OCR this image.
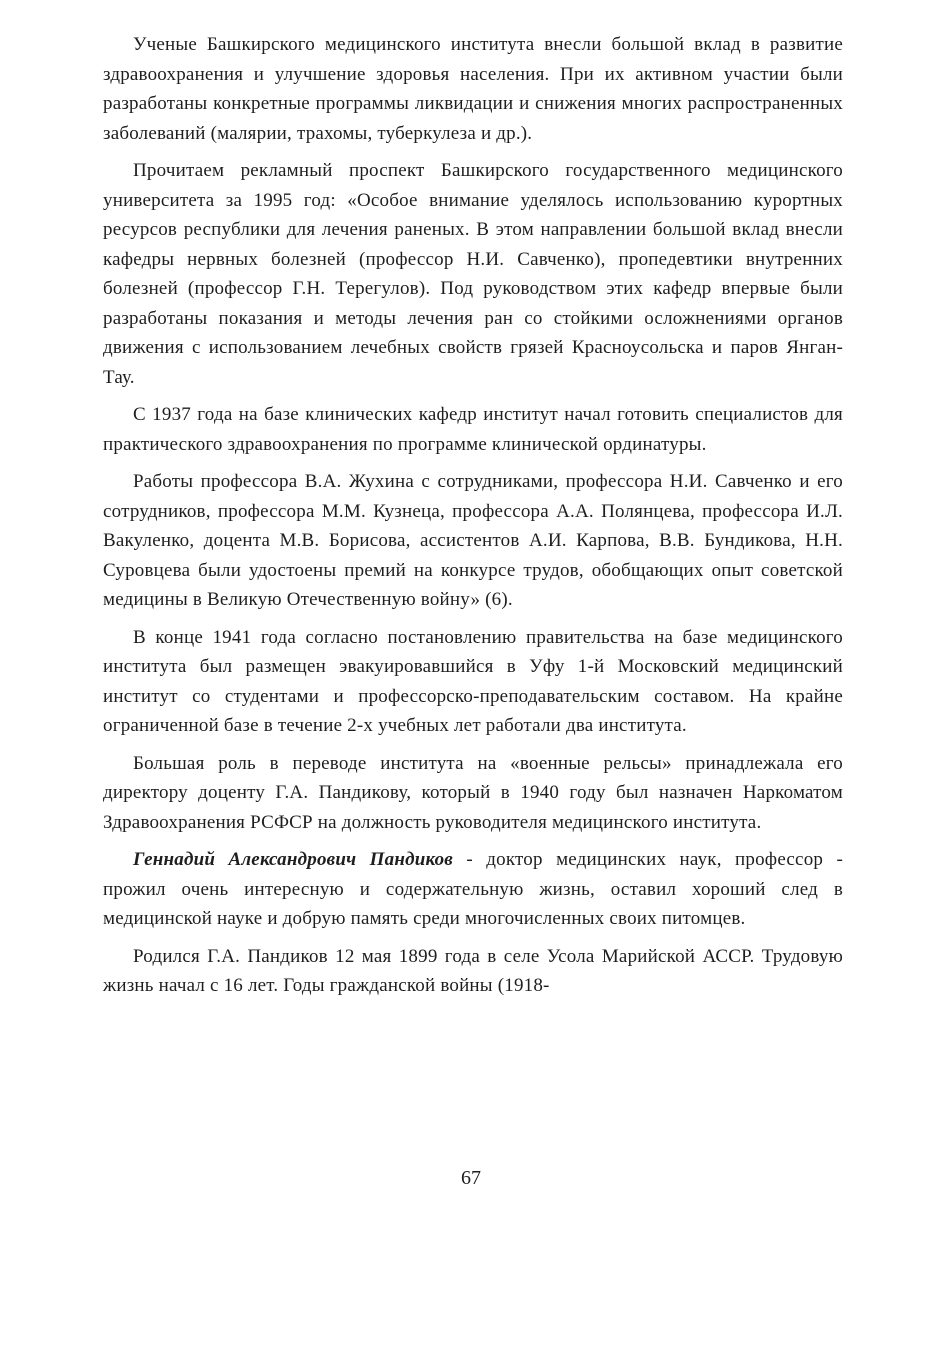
Ученые Башкирского медицинского института внесли большой вклад в развитие здравоохранения и улучшение здоровья населения. При их активном участии были разработаны конкретные программы ликвидации и снижения многих распространенных заболеваний (малярии, трахомы, туберкулеза и др.).

Прочитаем рекламный проспект Башкирского государственного медицинского университета за 1995 год: «Особое внимание уделялось использованию курортных ресурсов республики для лечения раненых. В этом направлении большой вклад внесли кафедры нервных болезней (профессор Н.И. Савченко), пропедевтики внутренних болезней (профессор Г.Н. Терегулов). Под руководством этих кафедр впервые были разработаны показания и методы лечения ран со стойкими осложнениями органов движения с использованием лечебных свойств грязей Красноусольска и паров Янган-Тау.

С 1937 года на базе клинических кафедр институт начал готовить специалистов для практического здравоохранения по программе клинической ординатуры.

Работы профессора В.А. Жухина с сотрудниками, профессора Н.И. Савченко и его сотрудников, профессора М.М. Кузнеца, профессора А.А. Полянцева, профессора И.Л. Вакуленко, доцента М.В. Борисова, ассистентов А.И. Карпова, В.В. Бундикова, Н.Н. Суровцева были удостоены премий на конкурсе трудов, обобщающих опыт советской медицины в Великую Отечественную войну» (6).

В конце 1941 года согласно постановлению правительства на базе медицинского института был размещен эвакуировавшийся в Уфу 1-й Московский медицинский институт со студентами и профессорско-преподавательским составом. На крайне ограниченной базе в течение 2-х учебных лет работали два института.

Большая роль в переводе института на «военные рельсы» принадлежала его директору доценту Г.А. Пандикову, который в 1940 году был назначен Наркоматом Здравоохранения РСФСР на должность руководителя медицинского института.

Геннадий Александрович Пандиков - доктор медицинских наук, профессор - прожил очень интересную и содержательную жизнь, оставил хороший след в медицинской науке и добрую память среди многочисленных своих питомцев.

Родился Г.А. Пандиков 12 мая 1899 года в селе Усола Марийской АССР. Трудовую жизнь начал с 16 лет. Годы гражданской войны (1918-

67
